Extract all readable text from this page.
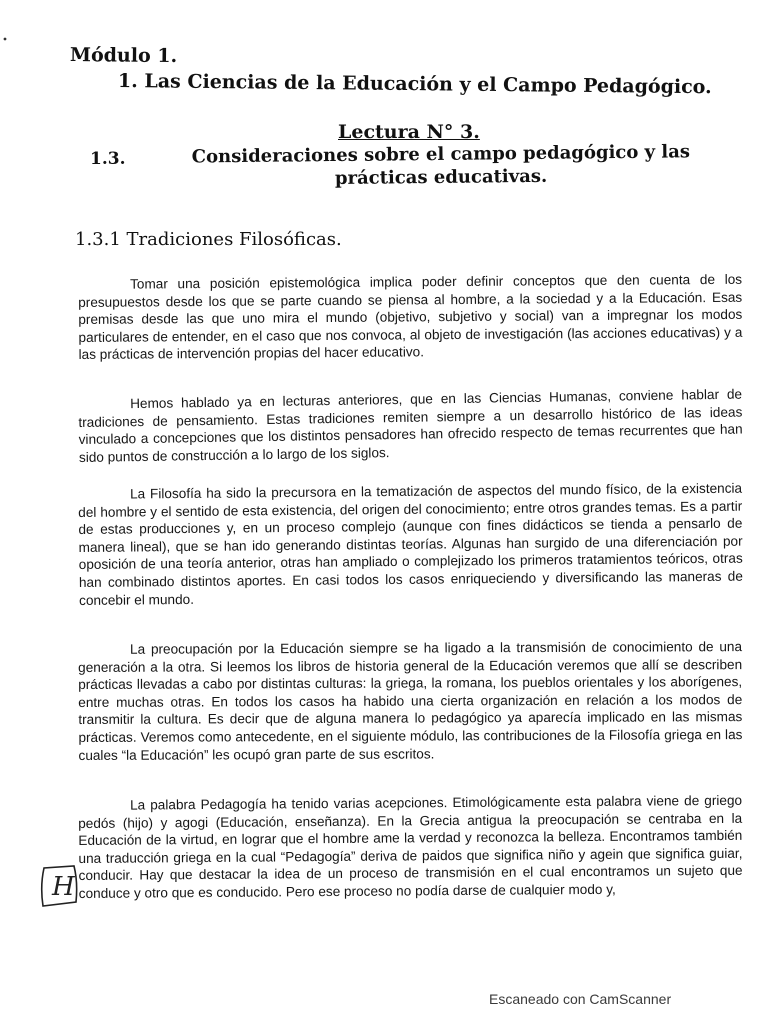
Módulo 1.
1. Las Ciencias de la Educación y el Campo Pedagógico.
Lectura N° 3.
1.3.	Consideraciones sobre el campo pedagógico y las prácticas educativas.
1.3.1 Tradiciones Filosóficas.

Tomar una posición epistemológica implica poder definir conceptos que den cuenta de los presupuestos desde los que se parte cuando se piensa al hombre, a la sociedad y a la Educación. Esas premisas desde las que uno mira el mundo (objetivo, subjetivo y social) van a impregnar los modos particulares de entender, en el caso que nos convoca, al objeto de investigación (las acciones educativas) y a las prácticas de intervención propias del hacer educativo.

Hemos hablado ya en lecturas anteriores, que en las Ciencias Humanas, conviene hablar de tradiciones de pensamiento. Estas tradiciones remiten siempre a un desarrollo histórico de las ideas vinculado a concepciones que los distintos pensadores han ofrecido respecto de temas recurrentes que han sido puntos de construcción a lo largo de los siglos.

La Filosofía ha sido la precursora en la tematización de aspectos del mundo físico, de la existencia del hombre y el sentido de esta existencia, del origen del conocimiento; entre otros grandes temas. Es a partir de estas producciones y, en un proceso complejo (aunque con fines didácticos se tienda a pensarlo de manera lineal), que se han ido generando distintas teorías. Algunas han surgido de una diferenciación por oposición de una teoría anterior, otras han ampliado o complejizado los primeros tratamientos teóricos, otras han combinado distintos aportes. En casi todos los casos enriqueciendo y diversificando las maneras de concebir el mundo.

La preocupación por la Educación siempre se ha ligado a la transmisión de conocimiento de una generación a la otra. Si leemos los libros de historia general de la Educación veremos que allí se describen prácticas llevadas a cabo por distintas culturas: la griega, la romana, los pueblos orientales y los aborígenes, entre muchas otras. En todos los casos ha habido una cierta organización en relación a los modos de transmitir la cultura. Es decir que de alguna manera lo pedagógico ya aparecía implicado en las mismas prácticas. Veremos como antecedente, en el siguiente módulo, las contribuciones de la Filosofía griega en las cuales “la Educación” les ocupó gran parte de sus escritos.

La palabra Pedagogía ha tenido varias acepciones. Etimológicamente esta palabra viene de griego pedós (hijo) y agogi (Educación, enseñanza). En la Grecia antigua la preocupación se centraba en la Educación de la virtud, en lograr que el hombre ame la verdad y reconozca la belleza. Encontramos también una traducción griega en la cual “Pedagogía” deriva de paidos que significa niño y agein que significa guiar, conducir. Hay que destacar la idea de un proceso de transmisión en el cual encontramos un sujeto que conduce y otro que es conducido. Pero ese proceso no podía darse de cualquier modo y,

H
Escaneado con CamScanner
